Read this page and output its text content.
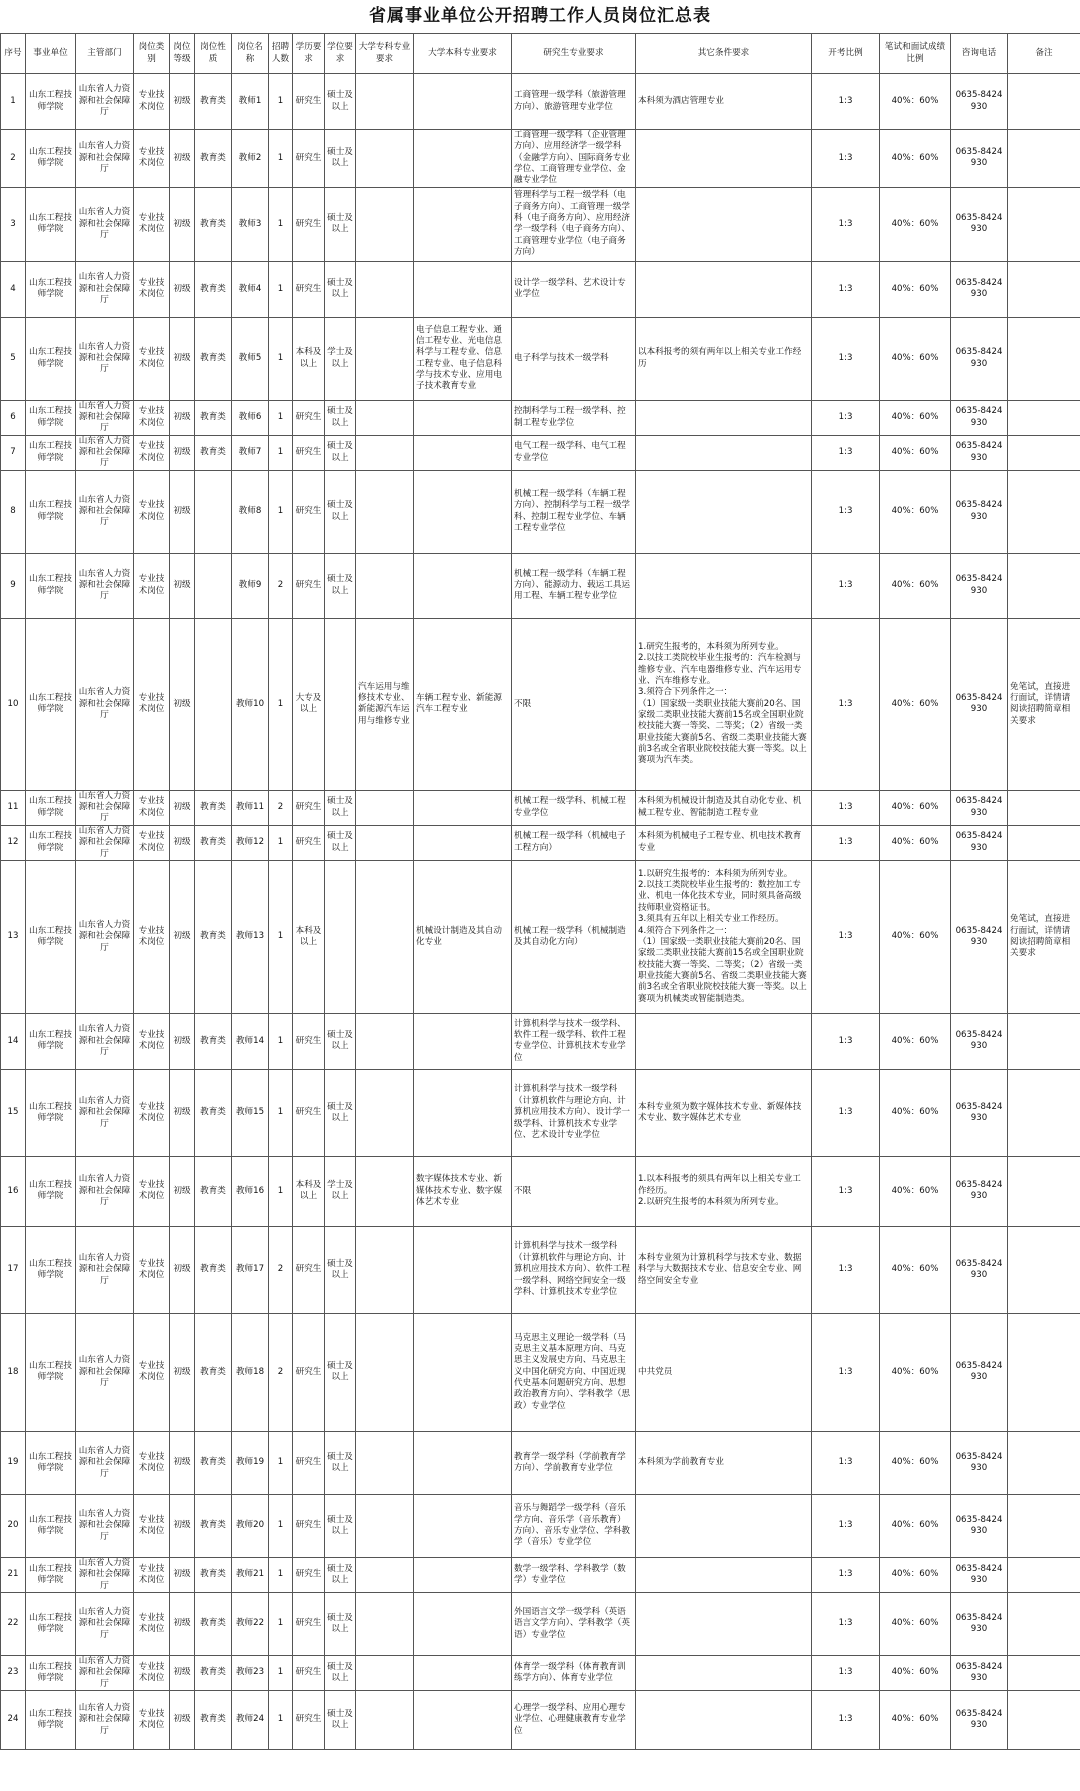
省属事业单位公开招聘工作人员岗位汇总表
序号	事业单位	主管部门	岗位类别	岗位等级	岗位性质	岗位名称	招聘人数	学历要求	学位要求	大学专科专业要求	大学本科专业要求	研究生专业要求	其它条件要求	开考比例	笔试和面试成绩比例	咨询电话	备注
1	山东工程技师学院	山东省人力资源和社会保障厅	专业技术岗位	初级	教育类	教师1	1	研究生	硕士及以上			工商管理一级学科（旅游管理方向）、旅游管理专业学位	本科须为酒店管理专业	1:3	40%：60%	0635-8424930	
2	山东工程技师学院	山东省人力资源和社会保障厅	专业技术岗位	初级	教育类	教师2	1	研究生	硕士及以上			工商管理一级学科（企业管理方向）、应用经济学一级学科（金融学方向）、国际商务专业学位、工商管理专业学位、金融专业学位		1:3	40%：60%	0635-8424930	
3	山东工程技师学院	山东省人力资源和社会保障厅	专业技术岗位	初级	教育类	教师3	1	研究生	硕士及以上			管理科学与工程一级学科（电子商务方向）、工商管理一级学科（电子商务方向）、应用经济学一级学科（电子商务方向）、工商管理专业学位（电子商务方向）		1:3	40%：60%	0635-8424930	
4	山东工程技师学院	山东省人力资源和社会保障厅	专业技术岗位	初级	教育类	教师4	1	研究生	硕士及以上			设计学一级学科、艺术设计专业学位		1:3	40%：60%	0635-8424930	
5	山东工程技师学院	山东省人力资源和社会保障厅	专业技术岗位	初级	教育类	教师5	1	本科及以上	学士及以上		电子信息工程专业、通信工程专业、光电信息科学与工程专业、信息工程专业、电子信息科学与技术专业、应用电子技术教育专业	电子科学与技术一级学科	以本科报考的须有两年以上相关专业工作经历	1:3	40%：60%	0635-8424930	
6	山东工程技师学院	山东省人力资源和社会保障厅	专业技术岗位	初级	教育类	教师6	1	研究生	硕士及以上			控制科学与工程一级学科、控制工程专业学位		1:3	40%：60%	0635-8424930	
7	山东工程技师学院	山东省人力资源和社会保障厅	专业技术岗位	初级	教育类	教师7	1	研究生	硕士及以上			电气工程一级学科、电气工程专业学位		1:3	40%：60%	0635-8424930	
8	山东工程技师学院	山东省人力资源和社会保障厅	专业技术岗位	初级		教师8	1	研究生	硕士及以上			机械工程一级学科（车辆工程方向）、控制科学与工程一级学科、控制工程专业学位、车辆工程专业学位		1:3	40%：60%	0635-8424930	
9	山东工程技师学院	山东省人力资源和社会保障厅	专业技术岗位	初级		教师9	2	研究生	硕士及以上			机械工程一级学科（车辆工程方向）、能源动力、载运工具运用工程、车辆工程专业学位		1:3	40%：60%	0635-8424930	
10	山东工程技师学院	山东省人力资源和社会保障厅	专业技术岗位	初级		教师10	1	大专及以上		汽车运用与维修技术专业、新能源汽车运用与维修专业	车辆工程专业、新能源汽车工程专业	不限	1.研究生报考的，本科须为所列专业。
2.以技工类院校毕业生报考的：汽车检测与维修专业、汽车电器维修专业、汽车运用专业、汽车维修专业。
3.须符合下列条件之一：
（1）国家级一类职业技能大赛前20名、国家级二类职业技能大赛前15名或全国职业院校技能大赛一等奖、二等奖；（2）省级一类职业技能大赛前5名、省级二类职业技能大赛前3名或全省职业院校技能大赛一等奖。以上赛项为汽车类。	1:3	40%：60%	0635-8424930	免笔试，直接进行面试，详情请阅读招聘简章相关要求
11	山东工程技师学院	山东省人力资源和社会保障厅	专业技术岗位	初级	教育类	教师11	2	研究生	硕士及以上			机械工程一级学科、机械工程专业学位	本科须为机械设计制造及其自动化专业、机械工程专业、智能制造工程专业	1:3	40%：60%	0635-8424930	
12	山东工程技师学院	山东省人力资源和社会保障厅	专业技术岗位	初级	教育类	教师12	1	研究生	硕士及以上			机械工程一级学科（机械电子工程方向）	本科须为机械电子工程专业、机电技术教育专业	1:3	40%：60%	0635-8424930	
13	山东工程技师学院	山东省人力资源和社会保障厅	专业技术岗位	初级	教育类	教师13	1	本科及以上			机械设计制造及其自动化专业	机械工程一级学科（机械制造及其自动化方向）	1.以研究生报考的：本科须为所列专业。
2.以技工类院校毕业生报考的：数控加工专业、机电一体化技术专业，同时须具备高级技师职业资格证书。
3.须具有五年以上相关专业工作经历。
4.须符合下列条件之一：
（1）国家级一类职业技能大赛前20名、国家级二类职业技能大赛前15名或全国职业院校技能大赛一等奖、二等奖；（2）省级一类职业技能大赛前5名、省级二类职业技能大赛前3名或全省职业院校技能大赛一等奖。以上赛项为机械类或智能制造类。	1:3	40%：60%	0635-8424930	免笔试，直接进行面试，详情请阅读招聘简章相关要求
14	山东工程技师学院	山东省人力资源和社会保障厅	专业技术岗位	初级	教育类	教师14	1	研究生	硕士及以上			计算机科学与技术一级学科、软件工程一级学科、软件工程专业学位、计算机技术专业学位		1:3	40%：60%	0635-8424930	
15	山东工程技师学院	山东省人力资源和社会保障厅	专业技术岗位	初级	教育类	教师15	1	研究生	硕士及以上			计算机科学与技术一级学科（计算机软件与理论方向、计算机应用技术方向）、设计学一级学科、计算机技术专业学位、艺术设计专业学位	本科专业须为数字媒体技术专业、新媒体技术专业、数字媒体艺术专业	1:3	40%：60%	0635-8424930	
16	山东工程技师学院	山东省人力资源和社会保障厅	专业技术岗位	初级	教育类	教师16	1	本科及以上	学士及以上		数字媒体技术专业、新媒体技术专业、数字媒体艺术专业	不限	1.以本科报考的须具有两年以上相关专业工作经历。
2.以研究生报考的本科须为所列专业。	1:3	40%：60%	0635-8424930	
17	山东工程技师学院	山东省人力资源和社会保障厅	专业技术岗位	初级	教育类	教师17	2	研究生	硕士及以上			计算机科学与技术一级学科（计算机软件与理论方向、计算机应用技术方向）、软件工程一级学科、网络空间安全一级学科、计算机技术专业学位	本科专业须为计算机科学与技术专业、数据科学与大数据技术专业、信息安全专业、网络空间安全专业	1:3	40%：60%	0635-8424930	
18	山东工程技师学院	山东省人力资源和社会保障厅	专业技术岗位	初级	教育类	教师18	2	研究生	硕士及以上			马克思主义理论一级学科（马克思主义基本原理方向、马克思主义发展史方向、马克思主义中国化研究方向、中国近现代史基本问题研究方向、思想政治教育方向）、学科教学（思政）专业学位	中共党员	1:3	40%：60%	0635-8424930	
19	山东工程技师学院	山东省人力资源和社会保障厅	专业技术岗位	初级	教育类	教师19	1	研究生	硕士及以上			教育学一级学科（学前教育学方向）、学前教育专业学位	本科须为学前教育专业	1:3	40%：60%	0635-8424930	
20	山东工程技师学院	山东省人力资源和社会保障厅	专业技术岗位	初级	教育类	教师20	1	研究生	硕士及以上			音乐与舞蹈学一级学科（音乐学方向、音乐学（音乐教育）方向）、音乐专业学位、学科教学（音乐）专业学位		1:3	40%：60%	0635-8424930	
21	山东工程技师学院	山东省人力资源和社会保障厅	专业技术岗位	初级	教育类	教师21	1	研究生	硕士及以上			数学一级学科、学科教学（数学）专业学位		1:3	40%：60%	0635-8424930	
22	山东工程技师学院	山东省人力资源和社会保障厅	专业技术岗位	初级	教育类	教师22	1	研究生	硕士及以上			外国语言文学一级学科（英语语言文学方向）、学科教学（英语）专业学位		1:3	40%：60%	0635-8424930	
23	山东工程技师学院	山东省人力资源和社会保障厅	专业技术岗位	初级	教育类	教师23	1	研究生	硕士及以上			体育学一级学科（体育教育训练学方向）、体育专业学位		1:3	40%：60%	0635-8424930	
24	山东工程技师学院	山东省人力资源和社会保障厅	专业技术岗位	初级	教育类	教师24	1	研究生	硕士及以上			心理学一级学科、应用心理专业学位、心理健康教育专业学位		1:3	40%：60%	0635-8424930	
